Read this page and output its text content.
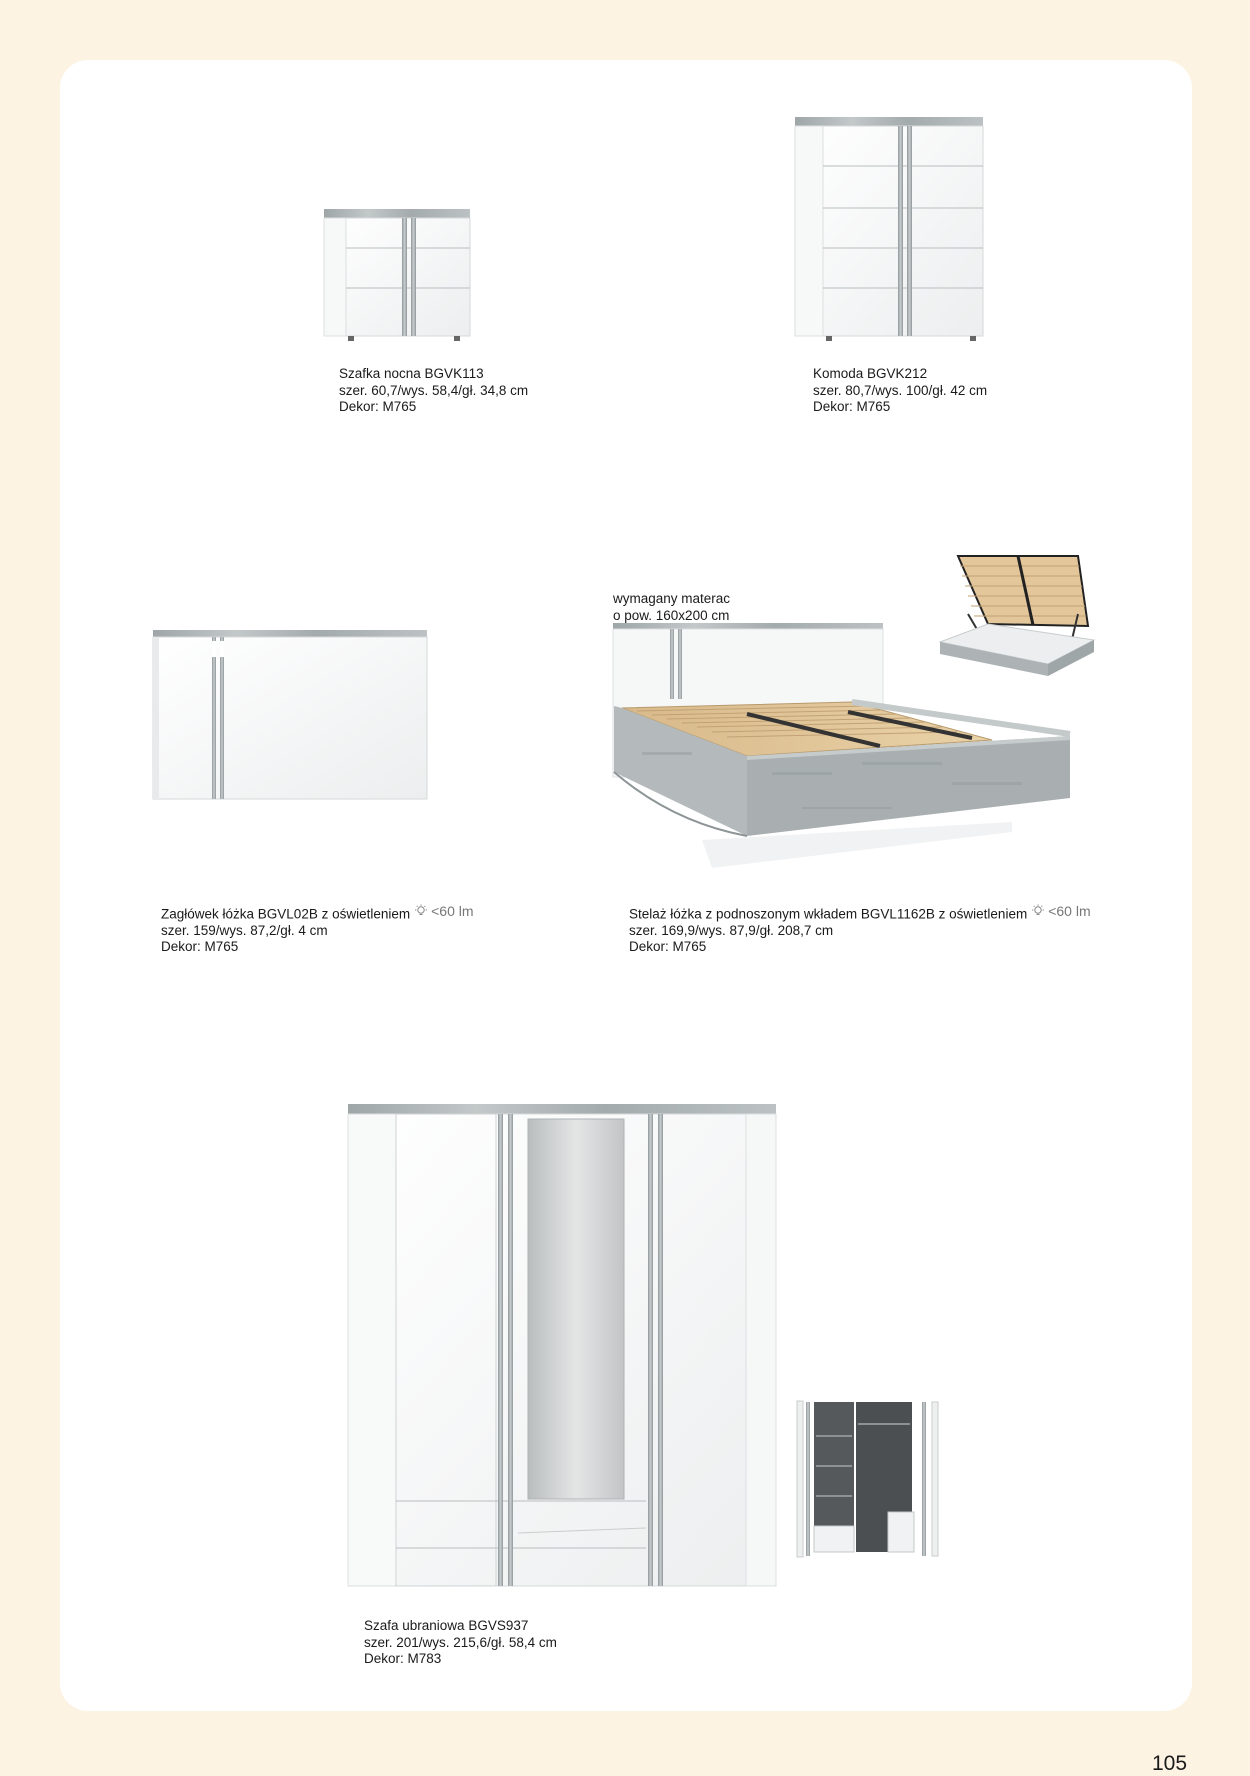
Szafka nocna BGVK113
szer. 60,7/wys. 58,4/gł. 34,8 cm
Dekor: M765
Komoda BGVK212
szer. 80,7/wys. 100/gł. 42 cm
Dekor: M765
Zagłówek łóżka BGVL02B z oświetleniem <60 lm
szer. 159/wys. 87,2/gł. 4 cm
Dekor: M765
wymagany materac
o pow. 160x200 cm
Stelaż łóżka z podnoszonym wkładem BGVL1162B z oświetleniem <60 lm
szer. 169,9/wys. 87,9/gł. 208,7 cm
Dekor: M765
Szafa ubraniowa BGVS937
szer. 201/wys. 215,6/gł. 58,4 cm
Dekor: M783
105
